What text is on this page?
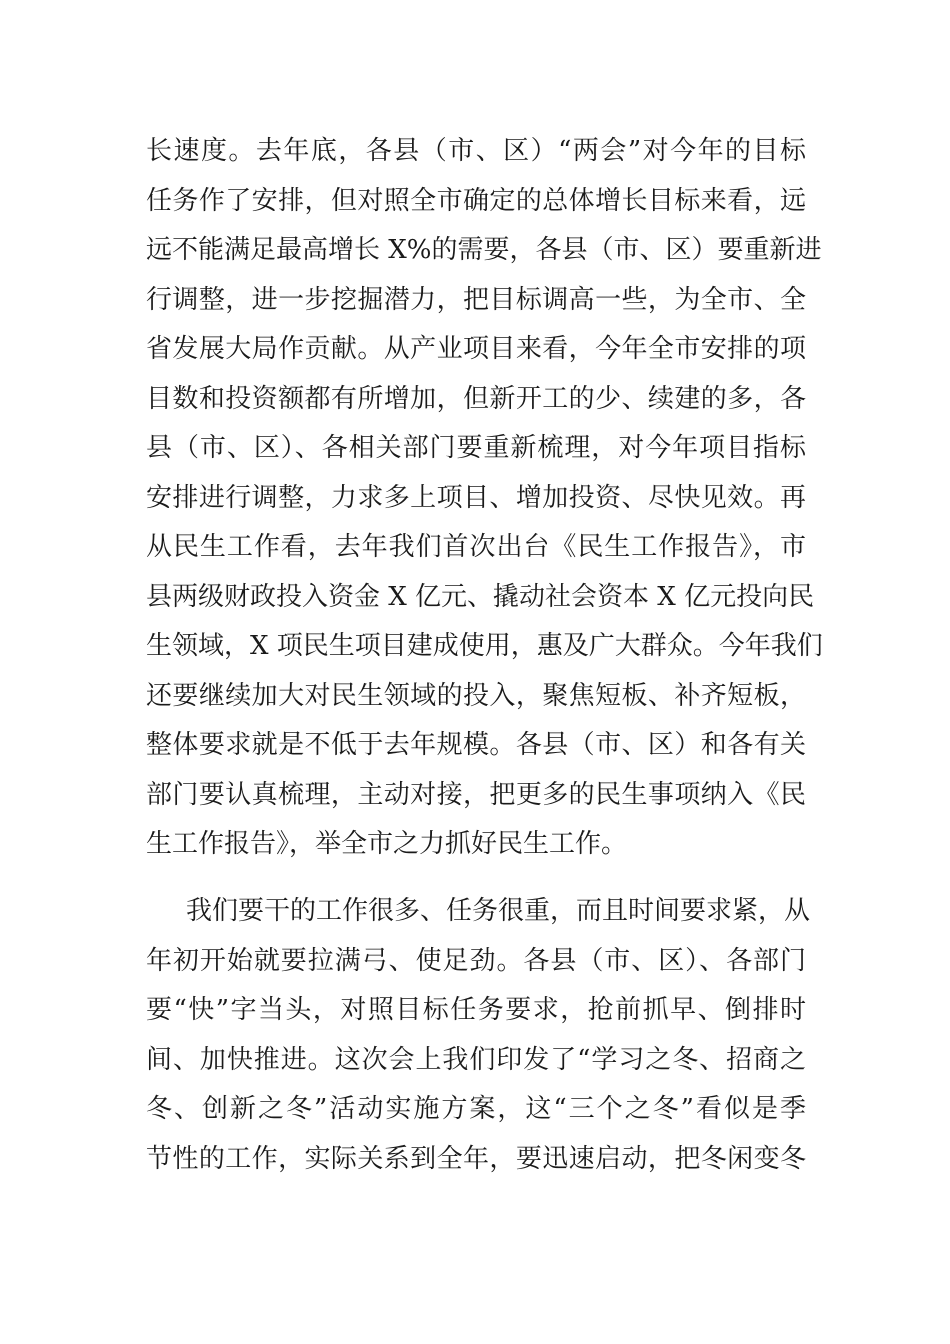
长速度。去年底，各县（市、区）“两会”对今年的目标
任务作了安排，但对照全市确定的总体增长目标来看，远
远不能满足最高增长 X%的需要，各县（市、区）要重新进
行调整，进一步挖掘潜力，把目标调高一些，为全市、全
省发展大局作贡献。从产业项目来看，今年全市安排的项
目数和投资额都有所增加，但新开工的少、续建的多，各
县（市、区）、各相关部门要重新梳理，对今年项目指标
安排进行调整，力求多上项目、增加投资、尽快见效。再
从民生工作看，去年我们首次出台《民生工作报告》，市
县两级财政投入资金 X 亿元、撬动社会资本 X 亿元投向民
生领域，X 项民生项目建成使用，惠及广大群众。今年我们
还要继续加大对民生领域的投入，聚焦短板、补齐短板，
整体要求就是不低于去年规模。各县（市、区）和各有关
部门要认真梳理，主动对接，把更多的民生事项纳入《民
生工作报告》，举全市之力抓好民生工作。
我们要干的工作很多、任务很重，而且时间要求紧，从
年初开始就要拉满弓、使足劲。各县（市、区）、各部门
要“快”字当头，对照目标任务要求，抢前抓早、倒排时
间、加快推进。这次会上我们印发了“学习之冬、招商之
冬、创新之冬”活动实施方案，这“三个之冬”看似是季
节性的工作，实际关系到全年，要迅速启动，把冬闲变冬
